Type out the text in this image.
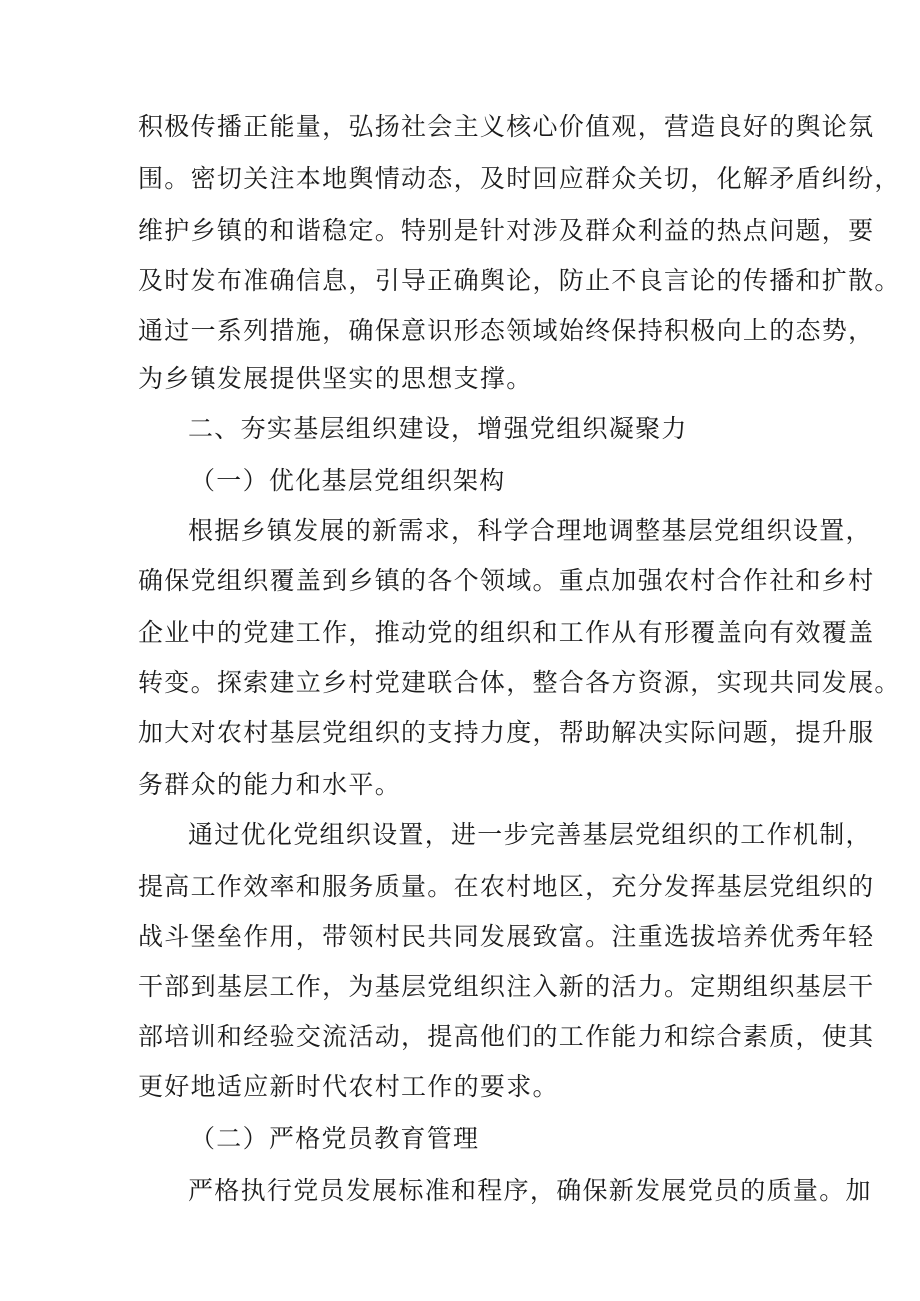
积极传播正能量，弘扬社会主义核心价值观，营造良好的舆论氛
围。密切关注本地舆情动态，及时回应群众关切，化解矛盾纠纷，
维护乡镇的和谐稳定。特别是针对涉及群众利益的热点问题，要
及时发布准确信息，引导正确舆论，防止不良言论的传播和扩散。
通过一系列措施，确保意识形态领域始终保持积极向上的态势，
为乡镇发展提供坚实的思想支撑。
二、夯实基层组织建设，增强党组织凝聚力
（一）优化基层党组织架构
根据乡镇发展的新需求，科学合理地调整基层党组织设置，
确保党组织覆盖到乡镇的各个领域。重点加强农村合作社和乡村
企业中的党建工作，推动党的组织和工作从有形覆盖向有效覆盖
转变。探索建立乡村党建联合体，整合各方资源，实现共同发展。
加大对农村基层党组织的支持力度，帮助解决实际问题，提升服
务群众的能力和水平。
通过优化党组织设置，进一步完善基层党组织的工作机制，
提高工作效率和服务质量。在农村地区，充分发挥基层党组织的
战斗堡垒作用，带领村民共同发展致富。注重选拔培养优秀年轻
干部到基层工作，为基层党组织注入新的活力。定期组织基层干
部培训和经验交流活动，提高他们的工作能力和综合素质，使其
更好地适应新时代农村工作的要求。
（二）严格党员教育管理
严格执行党员发展标准和程序，确保新发展党员的质量。加
